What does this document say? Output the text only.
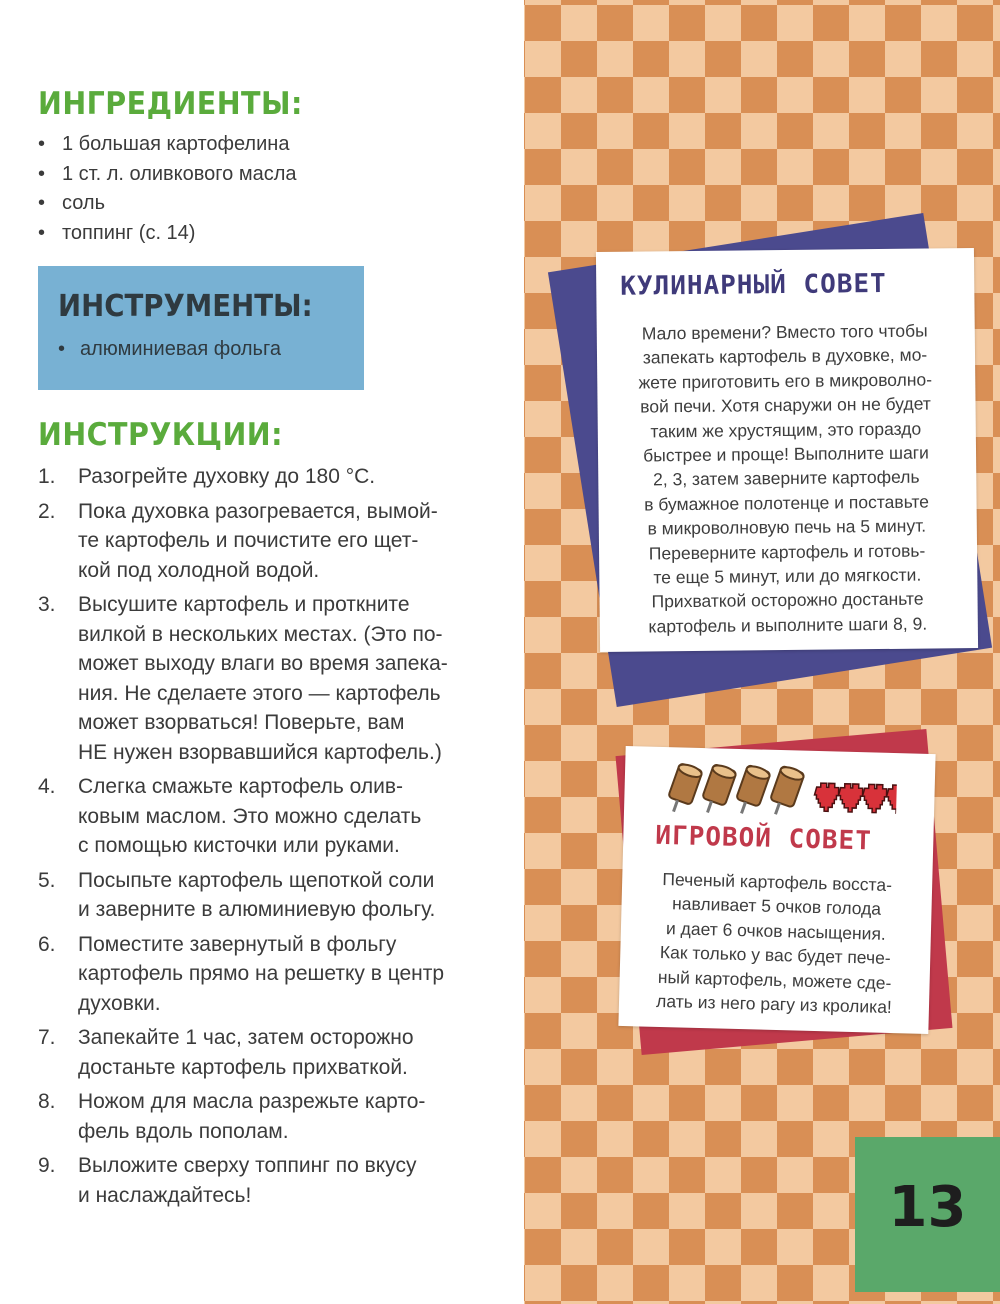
ИНГРЕДИЕНТЫ:
• 1 большая картофелина
• 1 ст. л. оливкового масла
• соль
• топпинг (с. 14)
ИНСТРУМЕНТЫ:
• алюминиевая фольга
ИНСТРУКЦИИ:
1.	Разогрейте духовку до 180 °С.
2.	Пока духовка разогревается, вымой-
те картофель и почистите его щет-
кой под холодной водой.
3.	Высушите картофель и проткните
вилкой в нескольких местах. (Это по-
может выходу влаги во время запека-
ния. Не сделаете этого — картофель
может взорваться! Поверьте, вам
НЕ нужен взорвавшийся картофель.)
4.	Слегка смажьте картофель олив-
ковым маслом. Это можно сделать
с помощью кисточки или руками.
5.	Посыпьте картофель щепоткой соли
и заверните в алюминиевую фольгу.
6.	Поместите завернутый в фольгу
картофель прямо на решетку в центр
духовки.
7.	Запекайте 1 час, затем осторожно
достаньте картофель прихваткой.
8.	Ножом для масла разрежьте карто-
фель вдоль пополам.
9.	Выложите сверху топпинг по вкусу
и наслаждайтесь!
КУЛИНАРНЫЙ СОВЕТ

Мало времени? Вместо того чтобы
запекать картофель в духовке, мо-
жете приготовить его в микроволно-
вой печи. Хотя снаружи он не будет
таким же хрустящим, это гораздо
быстрее и проще! Выполните шаги
2, 3, затем заверните картофель
в бумажное полотенце и поставьте
в микроволновую печь на 5 минут.
Переверните картофель и готовь-
те еще 5 минут, или до мягкости.
Прихваткой осторожно достаньте
картофель и выполните шаги 8, 9.

ИГРОВОЙ СОВЕТ

Печеный картофель восста-
навливает 5 очков голода
и дает 6 очков насыщения.
Как только у вас будет пече-
ный картофель, можете сде-
лать из него рагу из кролика!

13
